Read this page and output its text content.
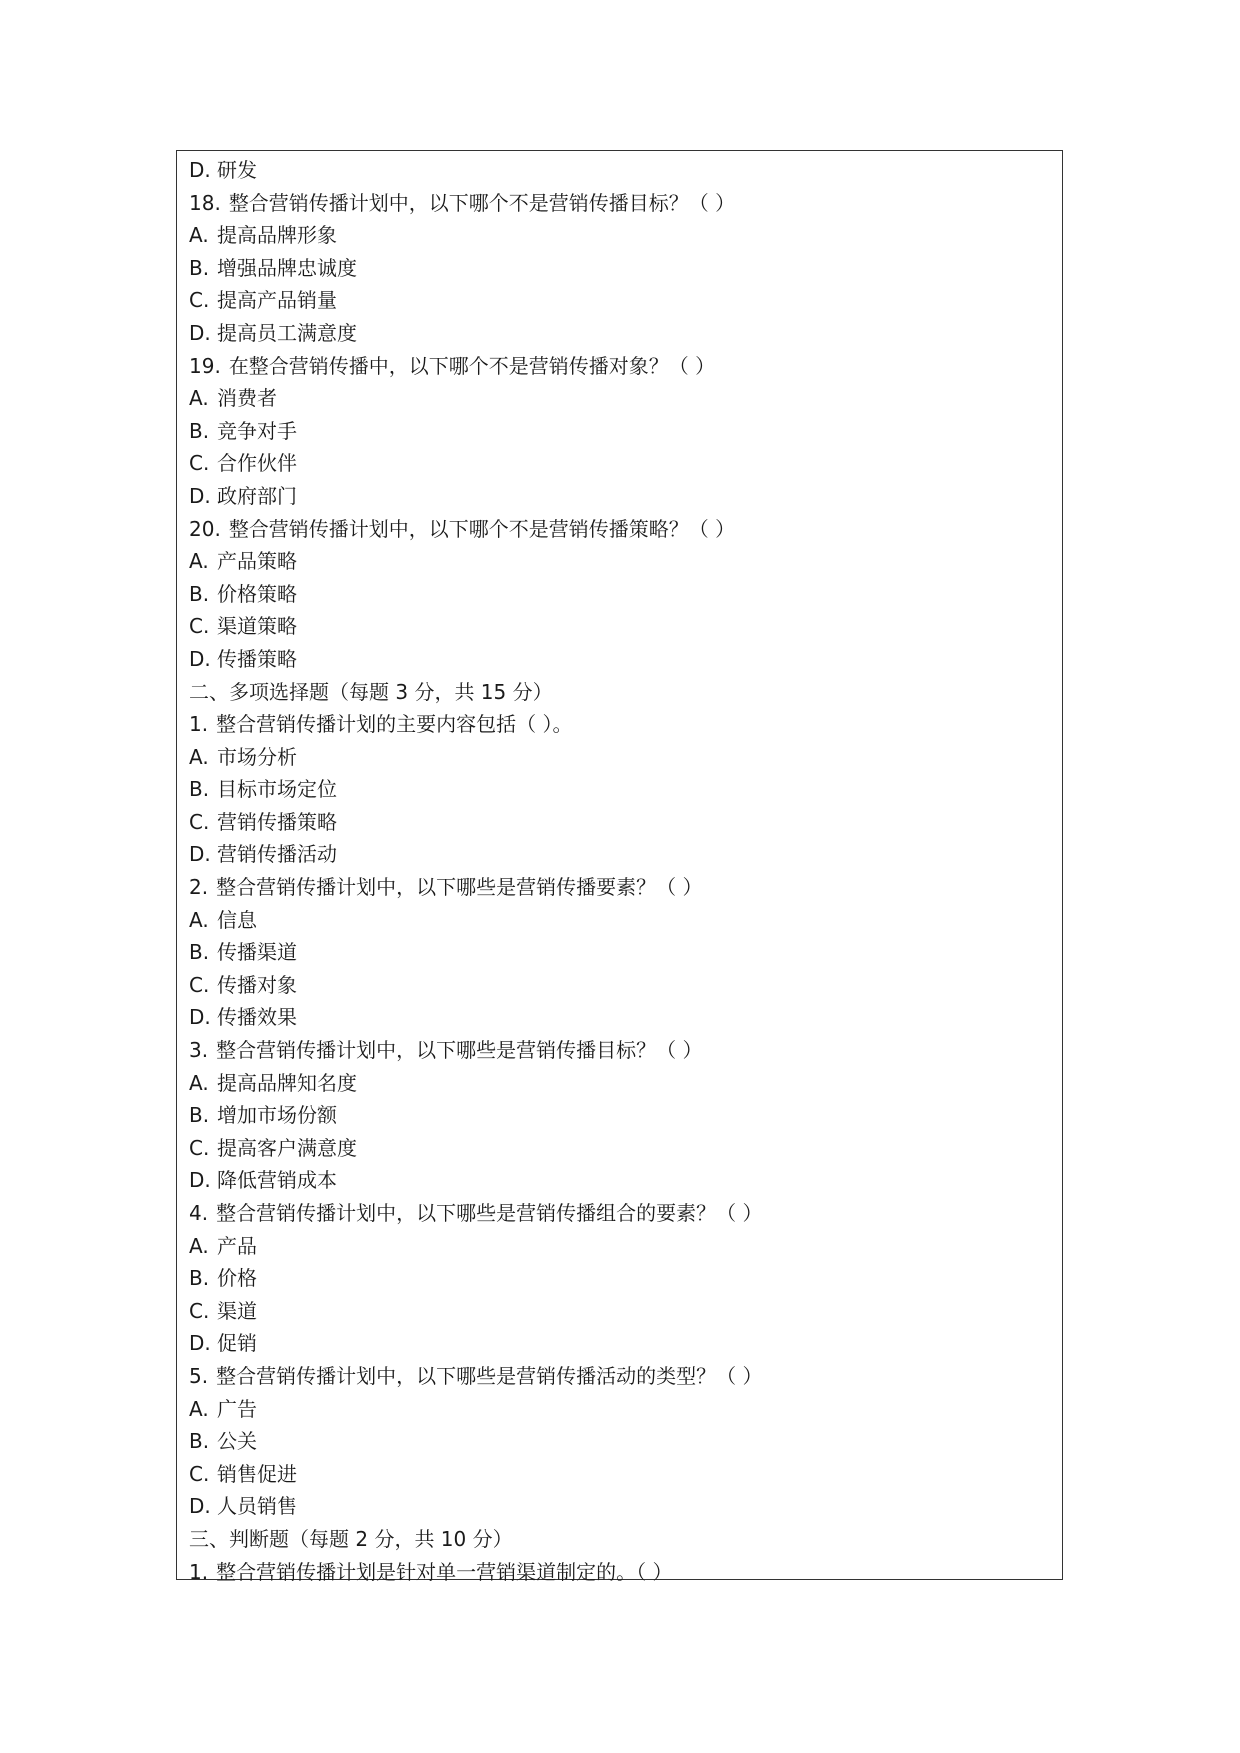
D. 研发
18. 整合营销传播计划中，以下哪个不是营销传播目标？（ ）
A. 提高品牌形象
B. 增强品牌忠诚度
C. 提高产品销量
D. 提高员工满意度
19. 在整合营销传播中，以下哪个不是营销传播对象？（ ）
A. 消费者
B. 竞争对手
C. 合作伙伴
D. 政府部门
20. 整合营销传播计划中，以下哪个不是营销传播策略？（ ）
A. 产品策略
B. 价格策略
C. 渠道策略
D. 传播策略
二、多项选择题（每题 3 分，共 15 分）
1. 整合营销传播计划的主要内容包括（ ）。
A. 市场分析
B. 目标市场定位
C. 营销传播策略
D. 营销传播活动
2. 整合营销传播计划中，以下哪些是营销传播要素？（ ）
A. 信息
B. 传播渠道
C. 传播对象
D. 传播效果
3. 整合营销传播计划中，以下哪些是营销传播目标？（ ）
A. 提高品牌知名度
B. 增加市场份额
C. 提高客户满意度
D. 降低营销成本
4. 整合营销传播计划中，以下哪些是营销传播组合的要素？（ ）
A. 产品
B. 价格
C. 渠道
D. 促销
5. 整合营销传播计划中，以下哪些是营销传播活动的类型？（ ）
A. 广告
B. 公关
C. 销售促进
D. 人员销售
三、判断题（每题 2 分，共 10 分）
1. 整合营销传播计划是针对单一营销渠道制定的。（ ）
